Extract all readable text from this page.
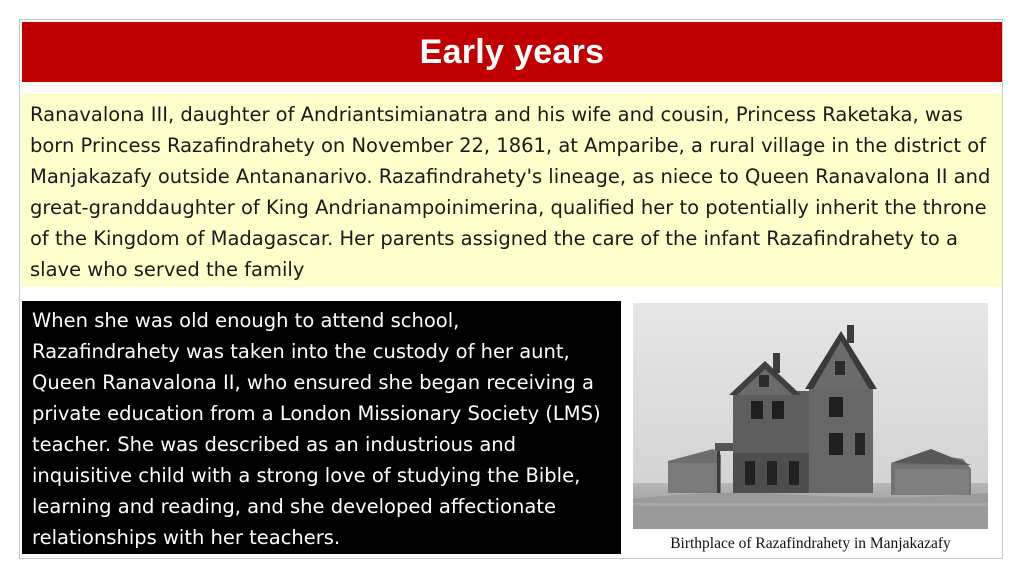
Early years
Ranavalona III, daughter of Andriantsimianatra and his wife and cousin, Princess Raketaka, was born Princess Razafindrahety on November 22, 1861, at Amparibe, a rural village in the district of Manjakazafy outside Antananarivo. Razafindrahety's lineage, as niece to Queen Ranavalona II and great-granddaughter of King Andrianampoinimerina, qualified her to potentially inherit the throne of the Kingdom of Madagascar. Her parents assigned the care of the infant Razafindrahety to a slave who served the family
When she was old enough to attend school, Razafindrahety was taken into the custody of her aunt, Queen Ranavalona II, who ensured she began receiving a private education from a London Missionary Society (LMS) teacher. She was described as an industrious and inquisitive child with a strong love of studying the Bible, learning and reading, and she developed affectionate relationships with her teachers.	Birthplace of Razafindrahety in Manjakazafy
